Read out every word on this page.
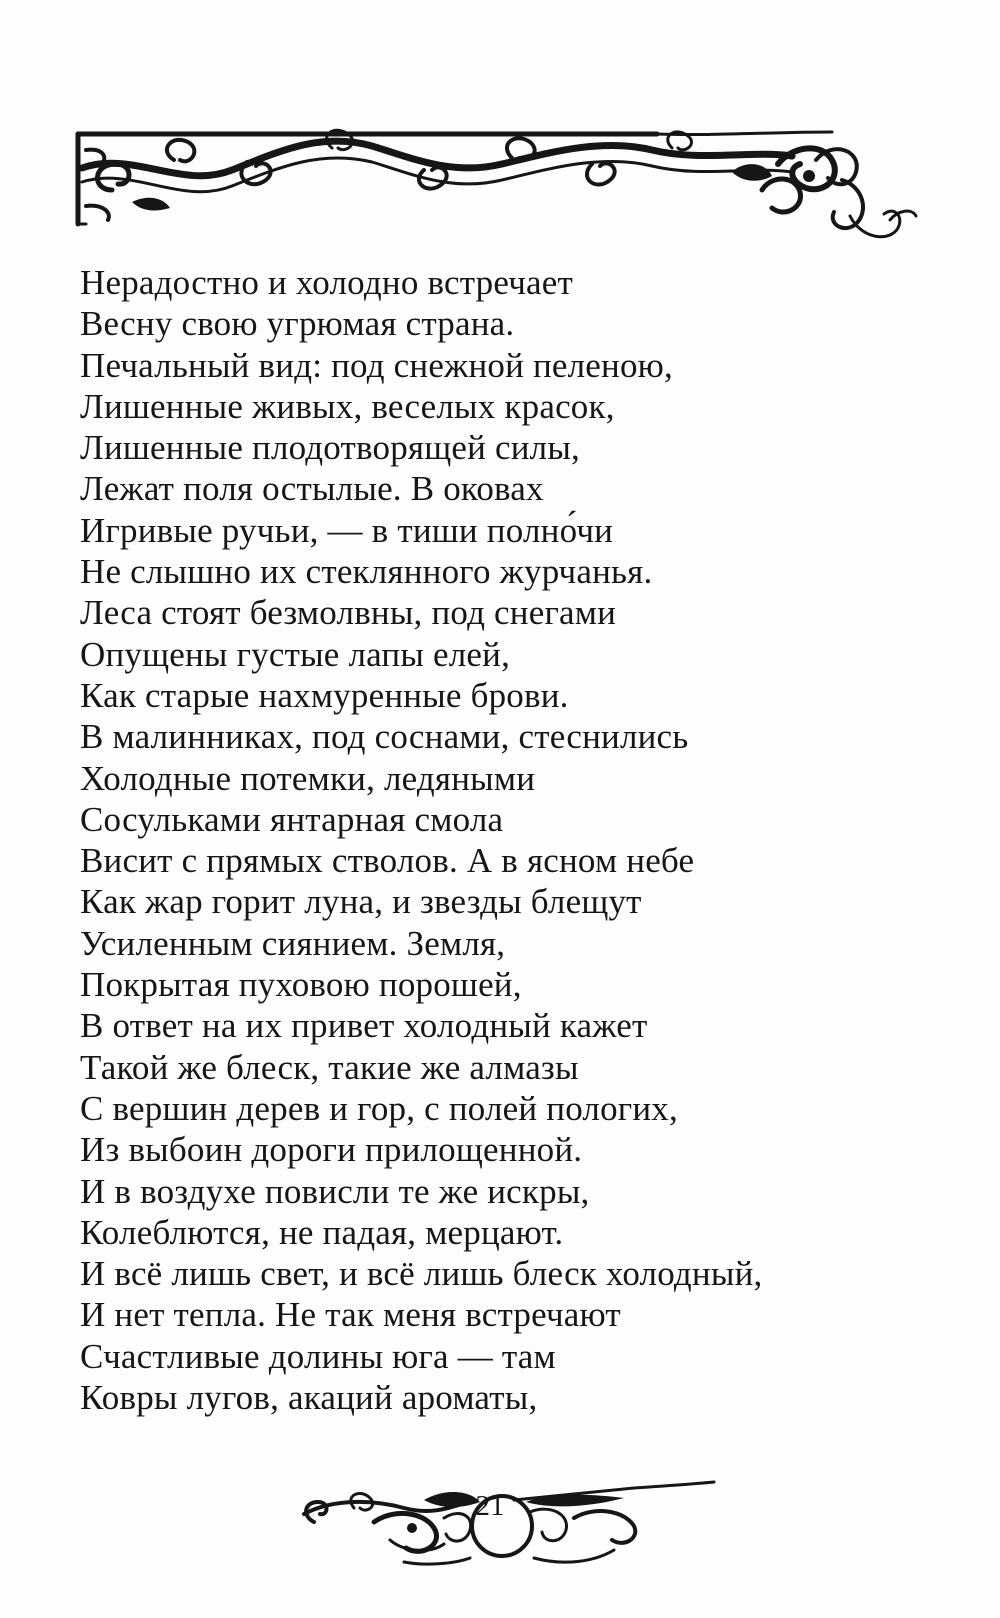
Нерадостно и холодно встречает
Весну свою угрюмая страна.
Печальный вид: под снежной пеленою,
Лишенные живых, веселых красок,
Лишенные плодотворящей силы,
Лежат поля остылые. В оковах
Игривые ручьи, — в тиши полно́чи
Не слышно их стеклянного журчанья.
Леса стоят безмолвны, под снегами
Опущены густые лапы елей,
Как старые нахмуренные брови.
В малинниках, под соснами, стеснились
Холодные потемки, ледяными
Сосульками янтарная смола
Висит с прямых стволов. А в ясном небе
Как жар горит луна, и звезды блещут
Усиленным сиянием. Земля,
Покрытая пуховою порошей,
В ответ на их привет холодный кажет
Такой же блеск, такие же алмазы
С вершин дерев и гор, с полей пологих,
Из выбоин дороги прилощенной.
И в воздухе повисли те же искры,
Колеблются, не падая, мерцают.
И всё лишь свет, и всё лишь блеск холодный,
И нет тепла. Не так меня встречают
Счастливые долины юга — там
Ковры лугов, акаций ароматы,
21
